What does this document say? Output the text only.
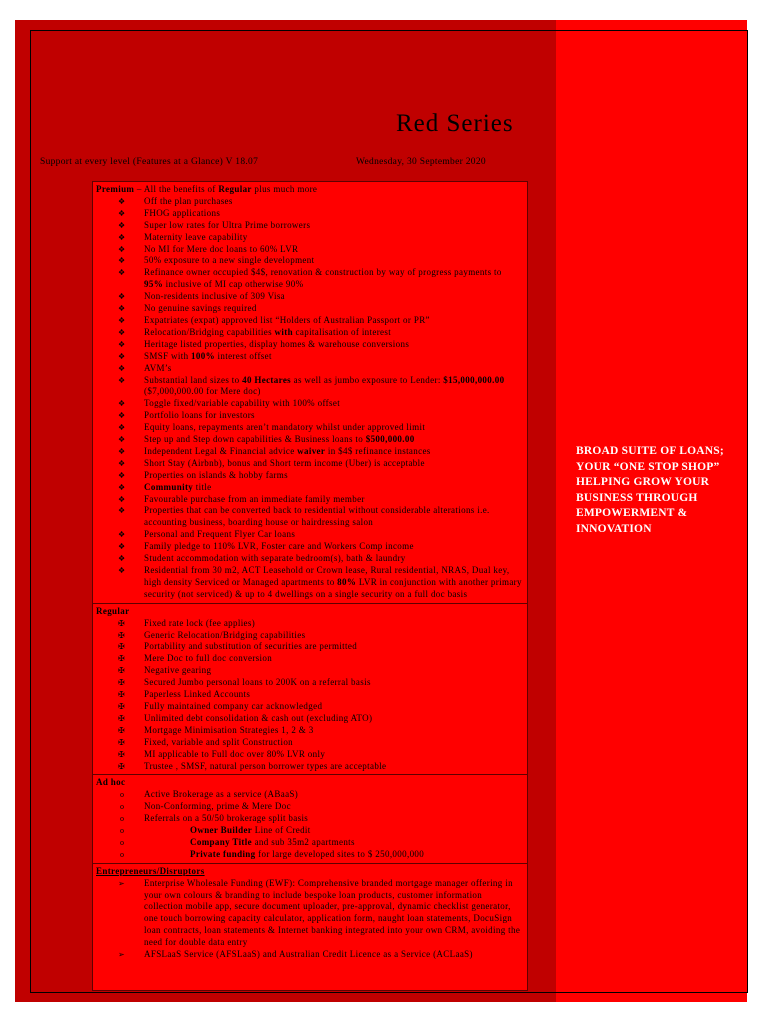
Red Series
Support at every level (Features at a Glance) V 18.07	Wednesday, 30 September 2020
Premium – All the benefits of Regular plus much more
❖ Off the plan purchases
❖ FHOG applications
❖ Super low rates for Ultra Prime borrowers
❖ Maternity leave capability
❖ No MI for Mere doc loans to 60% LVR
❖ 50% exposure to a new single development
❖ Refinance owner occupied $4$, renovation & construction by way of progress payments to 95% inclusive of MI cap otherwise 90%
❖ Non-residents inclusive of 309 Visa
❖ No genuine savings required
❖ Expatriates (expat) approved list “Holders of Australian Passport or PR”
❖ Relocation/Bridging capabilities with capitalisation of interest
❖ Heritage listed properties, display homes & warehouse conversions
❖ SMSF with 100% interest offset
❖ AVM’s
❖ Substantial land sizes to 40 Hectares as well as jumbo exposure to Lender: $15,000,000.00 ($7,000,000.00 for Mere doc)
❖ Toggle fixed/variable capability with 100% offset
❖ Portfolio loans for investors
❖ Equity loans, repayments aren’t mandatory whilst under approved limit
❖ Step up and Step down capabilities & Business loans to $500,000.00
❖ Independent Legal & Financial advice waiver in $4$ refinance instances
❖ Short Stay (Airbnb), bonus and Short term income (Uber) is acceptable
❖ Properties on islands & hobby farms
❖ Community title
❖ Favourable purchase from an immediate family member
❖ Properties that can be converted back to residential without considerable alterations i.e. accounting business, boarding house or hairdressing salon
❖ Personal and Frequent Flyer Car loans
❖ Family pledge to 110% LVR, Foster care and Workers Comp income
❖ Student accommodation with separate bedroom(s), bath & laundry
❖ Residential from 30 m2, ACT Leasehold or Crown lease, Rural residential, NRAS, Dual key, high density Serviced or Managed apartments to 80% LVR in conjunction with another primary security (not serviced) & up to 4 dwellings on a single security on a full doc basis
Regular
✠ Fixed rate lock (fee applies)
✠ Generic Relocation/Bridging capabilities
✠ Portability and substitution of securities are permitted
✠ Mere Doc to full doc conversion
✠ Negative gearing
✠ Secured Jumbo personal loans to 200K on a referral basis
✠ Paperless Linked Accounts
✠ Fully maintained company car acknowledged
✠ Unlimited debt consolidation & cash out (excluding ATO)
✠ Mortgage Minimisation Strategies 1, 2 & 3
✠ Fixed, variable and split Construction
✠ MI applicable to Full doc over 80% LVR only
✠ Trustee , SMSF, natural person borrower types are acceptable
Ad hoc
o Active Brokerage as a service (ABaaS)
o Non-Conforming, prime & Mere Doc
o Referrals on a 50/50 brokerage split basis
o	Owner Builder Line of Credit
o	Company Title and sub 35m2 apartments
o	Private funding for large developed sites to $ 250,000,000
Entrepreneurs/Disruptors
➢ Enterprise Wholesale Funding (EWF): Comprehensive branded mortgage manager offering in your own colours & branding to include bespoke loan products, customer information collection mobile app, secure document uploader, pre-approval, dynamic checklist generator, one touch borrowing capacity calculator, application form, naught loan statements, DocuSign loan contracts, loan statements & Internet banking integrated into your own CRM, avoiding the need for double data entry
➢ AFSLaaS Service (AFSLaaS) and Australian Credit Licence as a Service (ACLaaS)
BROAD SUITE OF LOANS; YOUR “ONE STOP SHOP” HELPING GROW YOUR BUSINESS THROUGH EMPOWERMENT & INNOVATION
